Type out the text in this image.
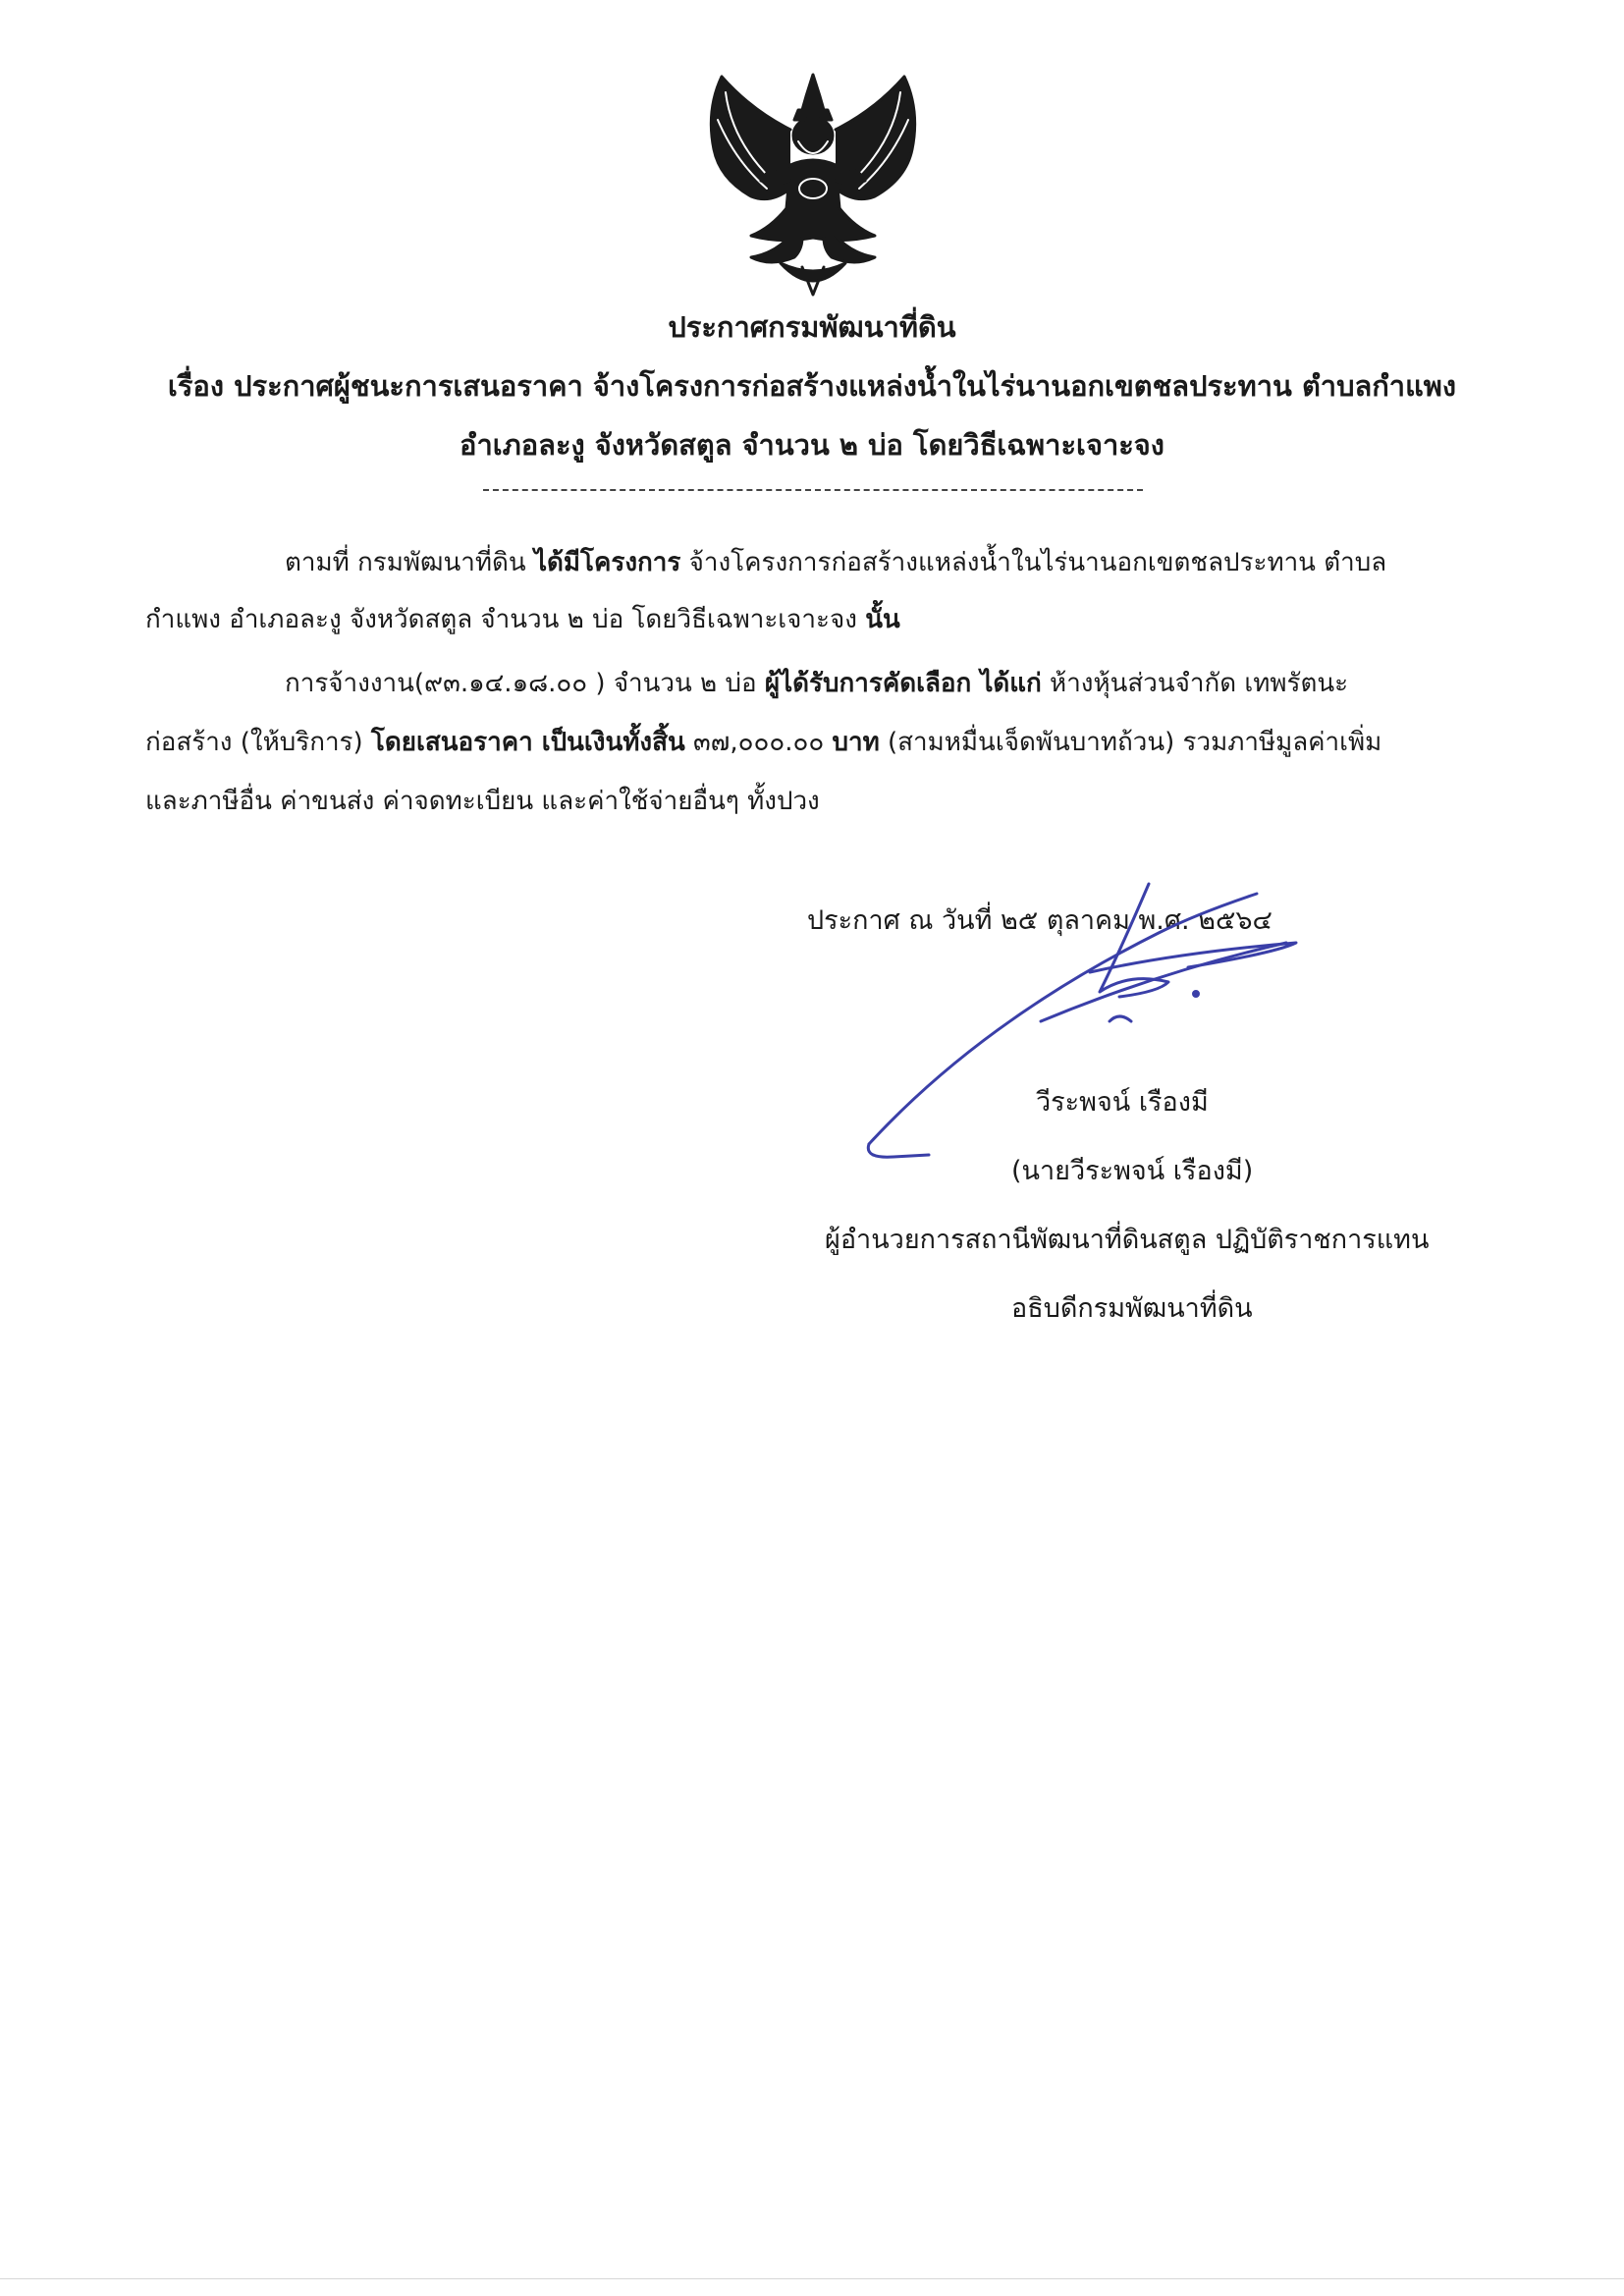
ประกาศกรมพัฒนาที่ดิน
เรื่อง ประกาศผู้ชนะการเสนอราคา จ้างโครงการก่อสร้างแหล่งน้ำในไร่นานอกเขตชลประทาน ตำบลกำแพง
อำเภอละงู จังหวัดสตูล จำนวน ๒ บ่อ โดยวิธีเฉพาะเจาะจง
ตามที่ กรมพัฒนาที่ดิน ได้มีโครงการ จ้างโครงการก่อสร้างแหล่งน้ำในไร่นานอกเขตชลประทาน ตำบล
กำแพง อำเภอละงู จังหวัดสตูล จำนวน ๒ บ่อ โดยวิธีเฉพาะเจาะจง นั้น
การจ้างงาน(๙๓.๑๔.๑๘.๐๐ ) จำนวน ๒ บ่อ ผู้ได้รับการคัดเลือก ได้แก่ ห้างหุ้นส่วนจำกัด เทพรัตนะ
ก่อสร้าง (ให้บริการ) โดยเสนอราคา เป็นเงินทั้งสิ้น ๓๗,๐๐๐.๐๐ บาท (สามหมื่นเจ็ดพันบาทถ้วน) รวมภาษีมูลค่าเพิ่ม
และภาษีอื่น ค่าขนส่ง ค่าจดทะเบียน และค่าใช้จ่ายอื่นๆ ทั้งปวง
ประกาศ ณ วันที่ ๒๕ ตุลาคม พ.ศ. ๒๕๖๔
วีระพจน์ เรืองมี
(นายวีระพจน์ เรืองมี)
ผู้อำนวยการสถานีพัฒนาที่ดินสตูล ปฏิบัติราชการแทน
อธิบดีกรมพัฒนาที่ดิน
